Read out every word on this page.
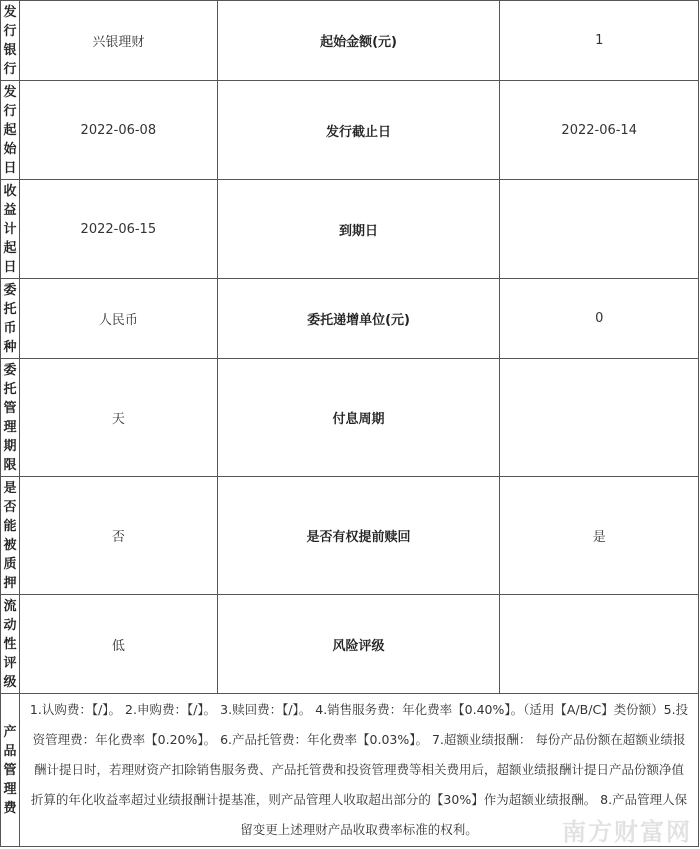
发行银行	兴银理财	起始金额(元)	1

发行起始日	2022-06-08	发行截止日	2022-06-14

收益计起日	2022-06-15	到期日	

委托币种	人民币	委托递增单位(元)	0

委托管理期限	天	付息周期	

是否能被质押	否	是否有权提前赎回	是

流动性评级	低	风险评级	

产品管理费	1.认购费：【/】。 2.申购费：【/】。 3.赎回费：【/】。 4.销售服务费：年化费率【0.40%】。（适用【A/B/C】类份额）5.投资管理费：年化费率【0.20%】。 6.产品托管费：年化费率【0.03%】。 7.超额业绩报酬： 每份产品份额在超额业绩报酬计提日时，若理财资产扣除销售服务费、产品托管费和投资管理费等相关费用后，超额业绩报酬计提日产品份额净值折算的年化收益率超过业绩报酬计提基准，则产品管理人收取超出部分的【30%】作为超额业绩报酬。 8.产品管理人保留变更上述理财产品收取费率标准的权利。			南方财富网
